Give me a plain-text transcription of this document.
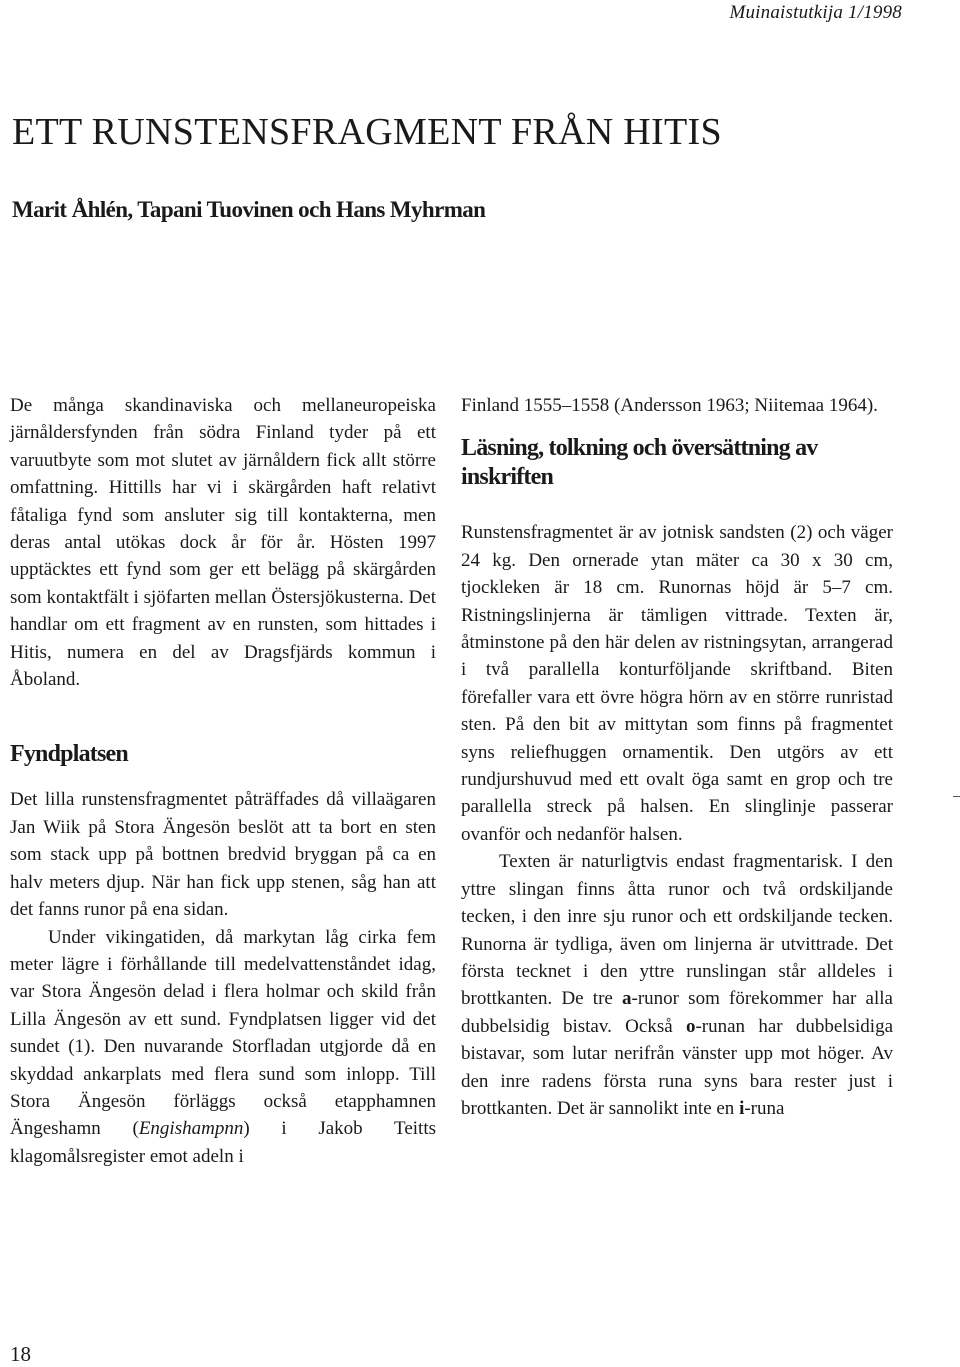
Muinaistutkija 1/1998
ETT RUNSTENSFRAGMENT FRÅN HITIS
Marit Åhlén, Tapani Tuovinen och Hans Myhrman

De många skandinaviska och mellaneuropeiska järnåldersfynden från södra Finland tyder på ett varuutbyte som mot slutet av järnåldern fick allt större omfattning. Hittills har vi i skärgården haft relativt fåtaliga fynd som ansluter sig till kontakterna, men deras antal utökas dock år för år. Hösten 1997 upptäcktes ett fynd som ger ett belägg på skärgården som kontaktfält i sjöfarten mellan Östersjökusterna. Det handlar om ett fragment av en runsten, som hittades i Hitis, numera en del av Dragsfjärds kommun i Åboland.

Fyndplatsen

Det lilla runstensfragmentet påträffades då villaägaren Jan Wiik på Stora Ängesön beslöt att ta bort en sten som stack upp på bottnen bredvid bryggan på ca en halv meters djup. När han fick upp stenen, såg han att det fanns runor på ena sidan.

Under vikingatiden, då markytan låg cirka fem meter lägre i förhållande till medelvattenståndet idag, var Stora Ängesön delad i flera holmar och skild från Lilla Ängesön av ett sund. Fyndplatsen ligger vid det sundet (1). Den nuvarande Storfladan utgjorde då en skyddad ankarplats med flera sund som inlopp. Till Stora Ängesön förläggs också etapphamnen Ängeshamn (Engishampnn) i Jakob Teitts klagomålsregister emot adeln i

Finland 1555–1558 (Andersson 1963; Niitemaa 1964).

Läsning, tolkning och översättning av inskriften

Runstensfragmentet är av jotnisk sandsten (2) och väger 24 kg. Den ornerade ytan mäter ca 30 x 30 cm, tjockleken är 18 cm. Runornas höjd är 5–7 cm. Ristningslinjerna är tämligen vittrade. Texten är, åtminstone på den här delen av ristningsytan, arrangerad i två parallella konturföljande skriftband. Biten förefaller vara ett övre högra hörn av en större runristad sten. På den bit av mittytan som finns på fragmentet syns reliefhuggen ornamentik. Den utgörs av ett rundjurshuvud med ett ovalt öga samt en grop och tre parallella streck på halsen. En slinglinje passerar ovanför och nedanför halsen.

Texten är naturligtvis endast fragmentarisk. I den yttre slingan finns åtta runor och två ordskiljande tecken, i den inre sju runor och ett ordskiljande tecken. Runorna är tydliga, även om linjerna är utvittrade. Det första tecknet i den yttre runslingan står alldeles i brottkanten. De tre a-runor som förekommer har alla dubbelsidig bistav. Också o-runan har dubbelsidiga bistavar, som lutar nerifrån vänster upp mot höger. Av den inre radens första runa syns bara rester just i brottkanten. Det är sannolikt inte en i-runa

18
